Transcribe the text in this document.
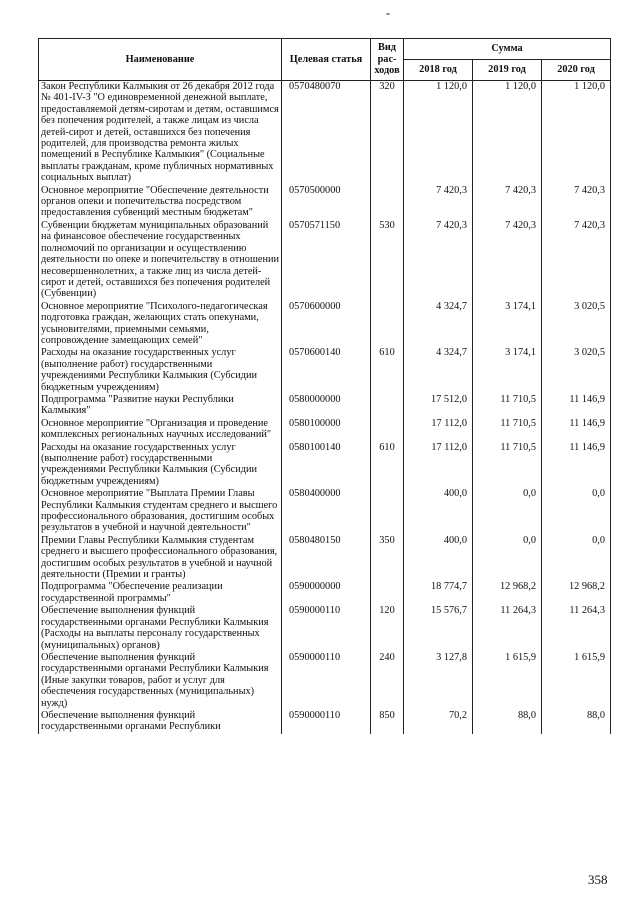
-
Наименование	Целевая статья	Вид рас-ходов	Сумма		
			2018 год	2019 год	2020 год
Закон Республики Калмыкия от 26 декабря 2012 года № 401-IV-З "О единовременной денежной выплате, предоставляемой детям-сиротам и детям, оставшимся без попечения родителей, а также лицам из числа детей-сирот и детей, оставшихся без попечения родителей, для производства ремонта жилых помещений в Республике Калмыкия" (Социальные выплаты гражданам, кроме публичных нормативных социальных выплат)	0570480070	320	1 120,0	1 120,0	1 120,0
Основное мероприятие "Обеспечение деятельности органов опеки и попечительства посредством предоставления субвенций местным бюджетам"	0570500000		7 420,3	7 420,3	7 420,3
Субвенции бюджетам муниципальных образований на финансовое обеспечение государственных полномочий по организации и осуществлению деятельности по опеке и попечительству в отношении несовершеннолетних, а также лиц из числа детей-сирот и детей, оставшихся без попечения родителей (Субвенции)	0570571150	530	7 420,3	7 420,3	7 420,3
Основное мероприятие "Психолого-педагогическая подготовка граждан, желающих стать опекунами, усыновителями, приемными семьями, сопровождение замещающих семей"	0570600000		4 324,7	3 174,1	3 020,5
Расходы на оказание государственных услуг (выполнение работ) государственными учреждениями Республики Калмыкия (Субсидии бюджетным учреждениям)	0570600140	610	4 324,7	3 174,1	3 020,5
Подпрограмма "Развитие науки Республики Калмыкия"	0580000000		17 512,0	11 710,5	11 146,9
Основное мероприятие "Организация и проведение комплексных региональных научных исследований"	0580100000		17 112,0	11 710,5	11 146,9
Расходы на оказание государственных услуг (выполнение работ) государственными учреждениями Республики Калмыкия (Субсидии бюджетным учреждениям)	0580100140	610	17 112,0	11 710,5	11 146,9
Основное мероприятие "Выплата Премии Главы Республики Калмыкия студентам среднего и высшего профессионального образования, достигшим особых результатов в учебной и научной деятельности"	0580400000		400,0	0,0	0,0
Премии Главы Республики Калмыкия студентам среднего и высшего профессионального образования, достигшим особых результатов в учебной и научной деятельности (Премии и гранты)	0580480150	350	400,0	0,0	0,0
Подпрограмма "Обеспечение реализации государственной программы"	0590000000		18 774,7	12 968,2	12 968,2
Обеспечение выполнения функций государственными органами Республики Калмыкия (Расходы на выплаты персоналу государственных (муниципальных) органов)	0590000110	120	15 576,7	11 264,3	11 264,3
Обеспечение выполнения функций государственными органами Республики Калмыкия (Иные закупки товаров, работ и услуг для обеспечения государственных (муниципальных) нужд)	0590000110	240	3 127,8	1 615,9	1 615,9
Обеспечение выполнения функций государственными органами Республики	0590000110	850	70,2	88,0	88,0
358
